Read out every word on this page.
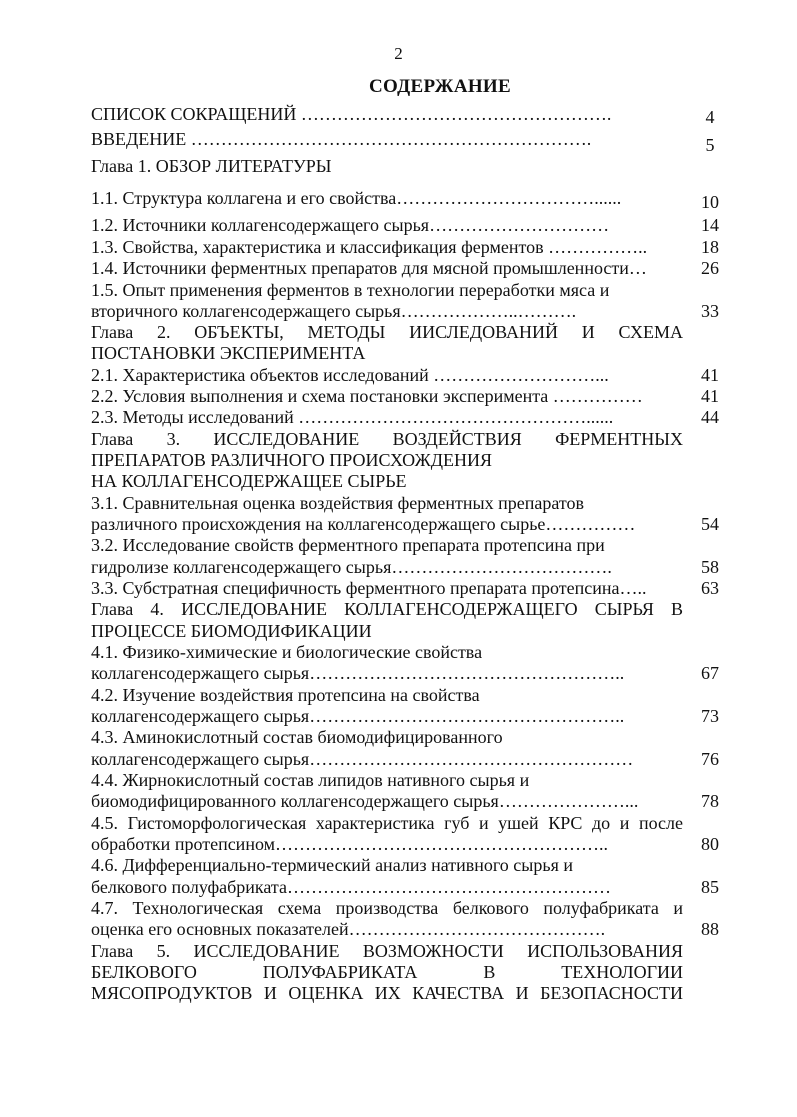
2
СОДЕРЖАНИЕ
СПИСОК СОКРАЩЕНИЙ …………………………………………….	4
ВВЕДЕНИЕ ………………………………………………………….	5
Глава 1. ОБЗОР ЛИТЕРАТУРЫ
1.1. Структура коллагена и его свойства……………………………......	10
1.2. Источники коллагенсодержащего сырья…………………………	14
1.3. Свойства, характеристика и классификация ферментов ……………..	18
1.4. Источники ферментных препаратов для мясной промышленности…	26
1.5. Опыт применения ферментов в технологии переработки мяса и
вторичного коллагенсодержащего сырья………………..……….	33
Глава 2. ОБЪЕКТЫ, МЕТОДЫ ИИСЛЕДОВАНИЙ И СХЕМА
ПОСТАНОВКИ ЭКСПЕРИМЕНТА
2.1. Характеристика объектов исследований ………………………...	41
2.2. Условия выполнения и схема постановки эксперимента ……………	41
2.3. Методы исследований …………………………………………......	44
Глава 3. ИССЛЕДОВАНИЕ ВОЗДЕЙСТВИЯ ФЕРМЕНТНЫХ
ПРЕПАРАТОВ РАЗЛИЧНОГО ПРОИСХОЖДЕНИЯ
НА КОЛЛАГЕНСОДЕРЖАЩЕЕ СЫРЬЕ
3.1. Сравнительная оценка воздействия ферментных препаратов
различного происхождения на коллагенсодержащего сырье……………	54
3.2. Исследование свойств ферментного препарата протепсина при
гидролизе коллагенсодержащего сырья……………………………….	58
3.3. Субстратная специфичность ферментного препарата протепсина…..	63
Глава 4. ИССЛЕДОВАНИЕ КОЛЛАГЕНСОДЕРЖАЩЕГО СЫРЬЯ В
ПРОЦЕССЕ БИОМОДИФИКАЦИИ
4.1. Физико-химические и биологические свойства
коллагенсодержащего сырья……………………………………………..	67
4.2. Изучение воздействия протепсина на свойства
коллагенсодержащего сырья……………………………………………..	73
4.3. Аминокислотный состав биомодифицированного
коллагенсодержащего сырья………………………………………………	76
4.4. Жирнокислотный состав липидов нативного сырья и
биомодифицированного коллагенсодержащего сырья…………………...	78
4.5. Гистоморфологическая характеристика губ и ушей КРС до и после
обработки протепсином………………………………………………..	80
4.6. Дифференциально-термический анализ нативного сырья и
белкового полуфабриката………………………………………………	85
4.7. Технологическая схема производства белкового полуфабриката и
оценка его основных показателей…………………………………….	88
Глава 5. ИССЛЕДОВАНИЕ ВОЗМОЖНОСТИ ИСПОЛЬЗОВАНИЯ
БЕЛКОВОГО ПОЛУФАБРИКАТА В ТЕХНОЛОГИИ
МЯСОПРОДУКТОВ И ОЦЕНКА ИХ КАЧЕСТВА И БЕЗОПАСНОСТИ
